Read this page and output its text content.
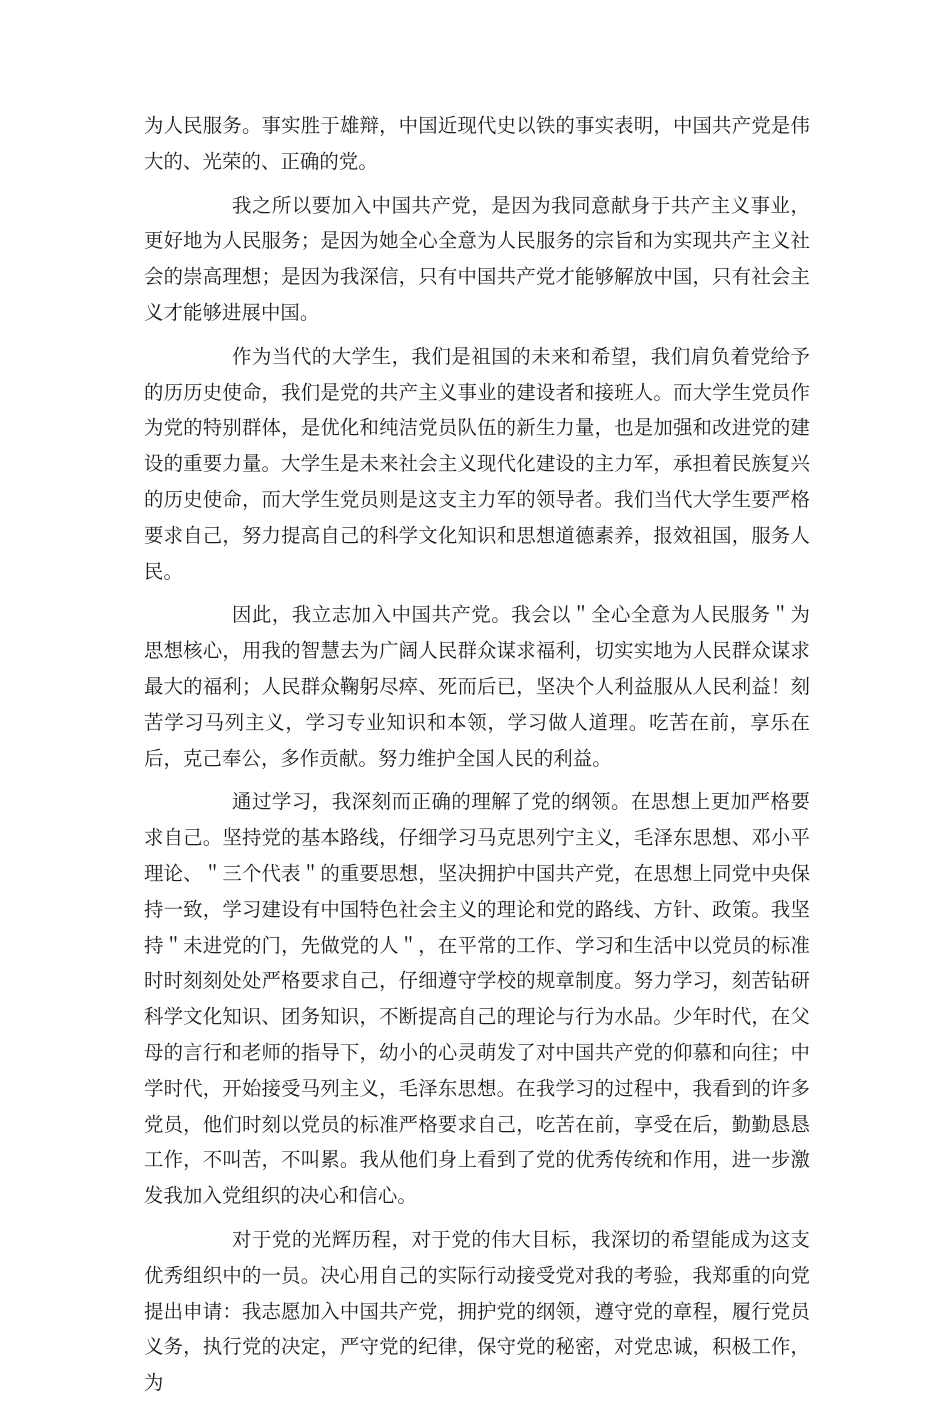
为人民服务。事实胜于雄辩，中国近现代史以铁的事实表明，中国共产党是伟大的、光荣的、正确的党。

我之所以要加入中国共产党，是因为我同意献身于共产主义事业，更好地为人民服务；是因为她全心全意为人民服务的宗旨和为实现共产主义社会的崇高理想；是因为我深信，只有中国共产党才能够解放中国，只有社会主义才能够进展中国。

作为当代的大学生，我们是祖国的未来和希望，我们肩负着党给予的历历史使命，我们是党的共产主义事业的建设者和接班人。而大学生党员作为党的特别群体，是优化和纯洁党员队伍的新生力量，也是加强和改进党的建设的重要力量。大学生是未来社会主义现代化建设的主力军，承担着民族复兴的历史使命，而大学生党员则是这支主力军的领导者。我们当代大学生要严格要求自己，努力提高自己的科学文化知识和思想道德素养，报效祖国，服务人民。

因此，我立志加入中国共产党。我会以＂全心全意为人民服务＂为思想核心，用我的智慧去为广阔人民群众谋求福利，切实实地为人民群众谋求最大的福利；人民群众鞠躬尽瘁、死而后已，坚决个人利益服从人民利益！刻苦学习马列主义，学习专业知识和本领，学习做人道理。吃苦在前，享乐在后，克己奉公，多作贡献。努力维护全国人民的利益。

通过学习，我深刻而正确的理解了党的纲领。在思想上更加严格要求自己。坚持党的基本路线，仔细学习马克思列宁主义，毛泽东思想、邓小平理论、＂三个代表＂的重要思想，坚决拥护中国共产党，在思想上同党中央保持一致，学习建设有中国特色社会主义的理论和党的路线、方针、政策。我坚持＂未进党的门，先做党的人＂，在平常的工作、学习和生活中以党员的标准时时刻刻处处严格要求自己，仔细遵守学校的规章制度。努力学习，刻苦钻研科学文化知识、团务知识，不断提高自己的理论与行为水品。少年时代，在父母的言行和老师的指导下，幼小的心灵萌发了对中国共产党的仰慕和向往；中学时代，开始接受马列主义，毛泽东思想。在我学习的过程中，我看到的许多党员，他们时刻以党员的标准严格要求自己，吃苦在前，享受在后，勤勤恳恳工作，不叫苦，不叫累。我从他们身上看到了党的优秀传统和作用，进一步激发我加入党组织的决心和信心。

对于党的光辉历程，对于党的伟大目标，我深切的希望能成为这支优秀组织中的一员。决心用自己的实际行动接受党对我的考验，我郑重的向党提出申请：我志愿加入中国共产党，拥护党的纲领，遵守党的章程，履行党员义务，执行党的决定，严守党的纪律，保守党的秘密，对党忠诚，积极工作，为
